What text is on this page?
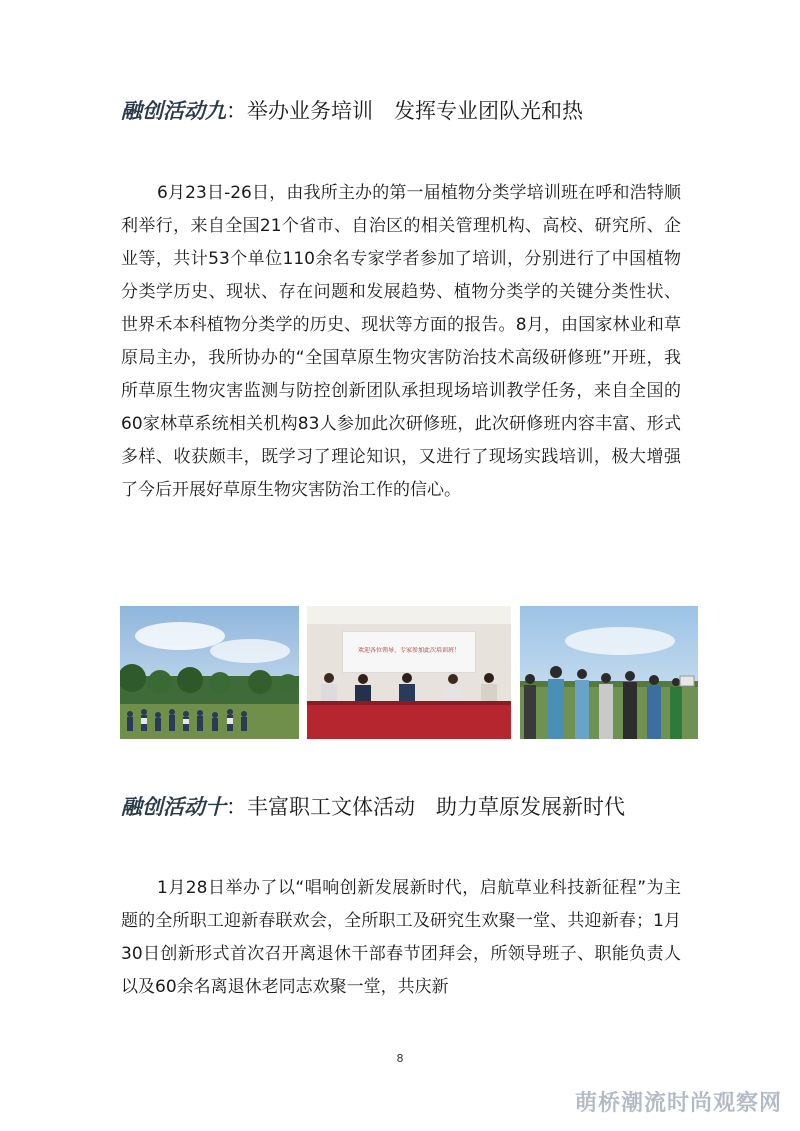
融创活动九：举办业务培训　发挥专业团队光和热

6月23日-26日，由我所主办的第一届植物分类学培训班在呼和浩特顺利举行，来自全国21个省市、自治区的相关管理机构、高校、研究所、企业等，共计53个单位110余名专家学者参加了培训，分别进行了中国植物分类学历史、现状、存在问题和发展趋势、植物分类学的关键分类性状、世界禾本科植物分类学的历史、现状等方面的报告。8月，由国家林业和草原局主办，我所协办的“全国草原生物灾害防治技术高级研修班”开班，我所草原生物灾害监测与防控创新团队承担现场培训教学任务，来自全国的60家林草系统相关机构83人参加此次研修班，此次研修班内容丰富、形式多样、收获颇丰，既学习了理论知识，又进行了现场实践培训，极大增强了今后开展好草原生物灾害防治工作的信心。

欢迎各位领导、专家参加此次培训班！
融创活动十：丰富职工文体活动　助力草原发展新时代

1月28日举办了以“唱响创新发展新时代，启航草业科技新征程”为主题的全所职工迎新春联欢会，全所职工及研究生欢聚一堂、共迎新春；1月30日创新形式首次召开离退休干部春节团拜会，所领导班子、职能负责人以及60余名离退休老同志欢聚一堂，共庆新

8
萌桥潮流时尚观察网
